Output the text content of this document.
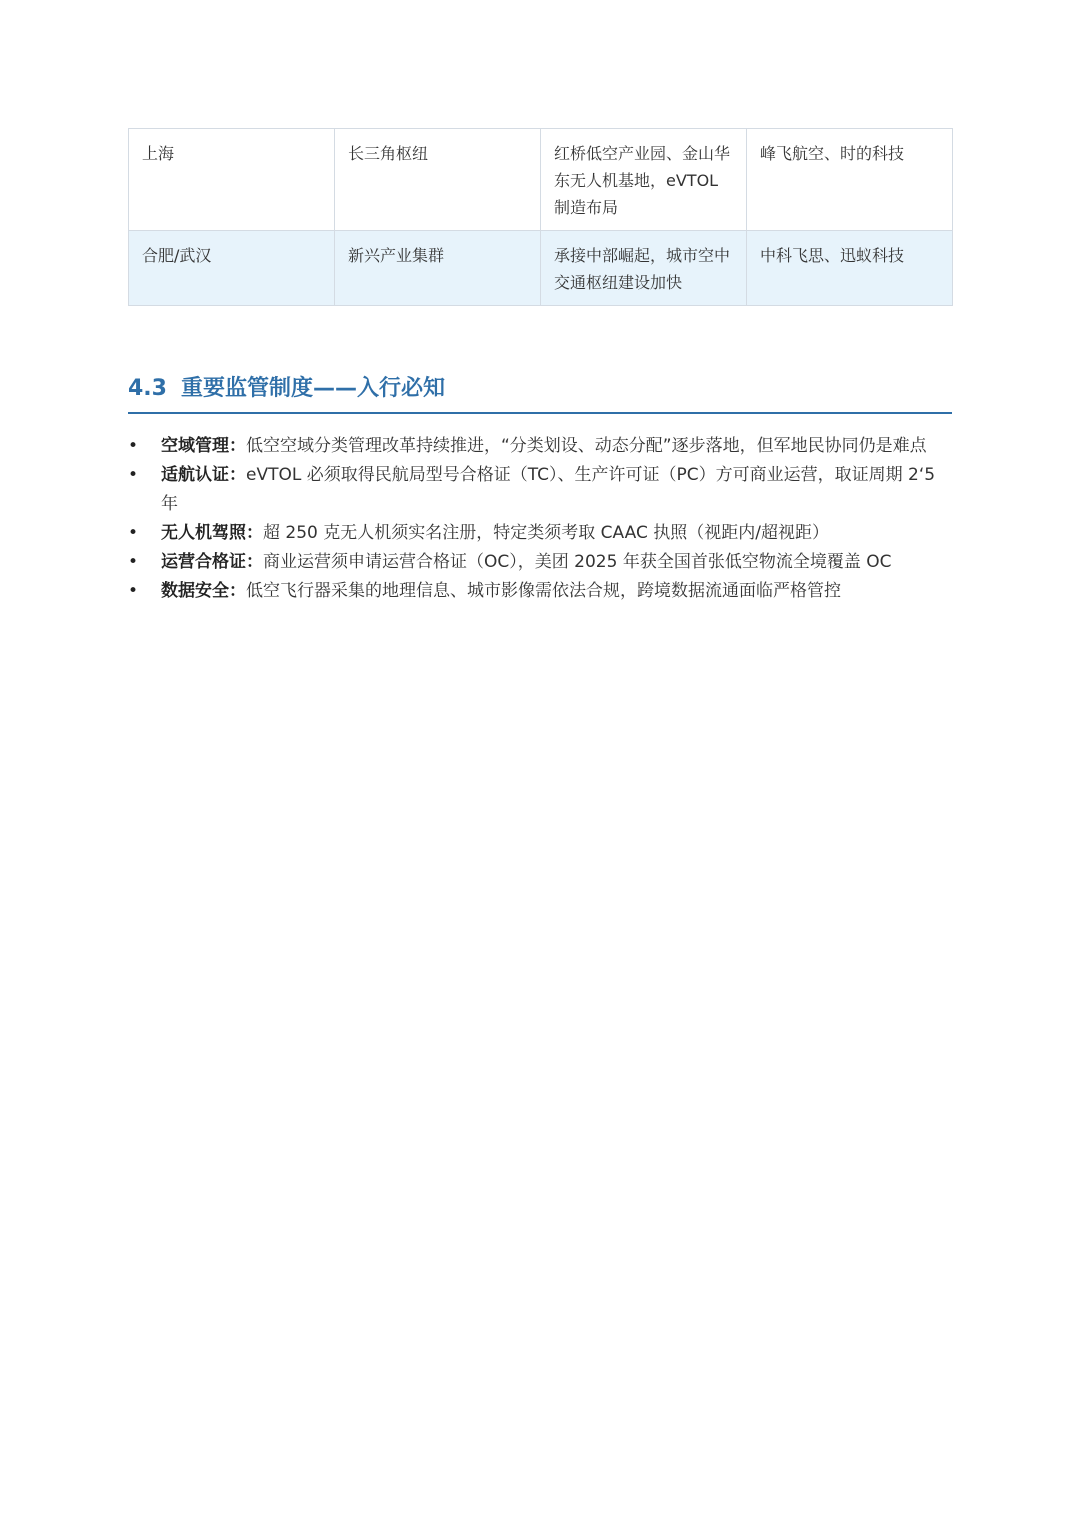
上海	长三角枢纽	红桥低空产业园、金山华东无人机基地，eVTOL 制造布局	峰飞航空、时的科技
合肥/武汉	新兴产业集群	承接中部崛起，城市空中交通枢纽建设加快	中科飞思、迅蚁科技
4.3 重要监管制度——入行必知
• 空域管理：低空空域分类管理改革持续推进，“分类划设、动态分配”逐步落地，但军地民协同仍是难点
• 适航认证：eVTOL 必须取得民航局型号合格证（TC）、生产许可证（PC）方可商业运营，取证周期 2‘5 年
• 无人机驾照：超 250 克无人机须实名注册，特定类须考取 CAAC 执照（视距内/超视距）
• 运营合格证：商业运营须申请运营合格证（OC），美团 2025 年获全国首张低空物流全境覆盖 OC
• 数据安全：低空飞行器采集的地理信息、城市影像需依法合规，跨境数据流通面临严格管控
